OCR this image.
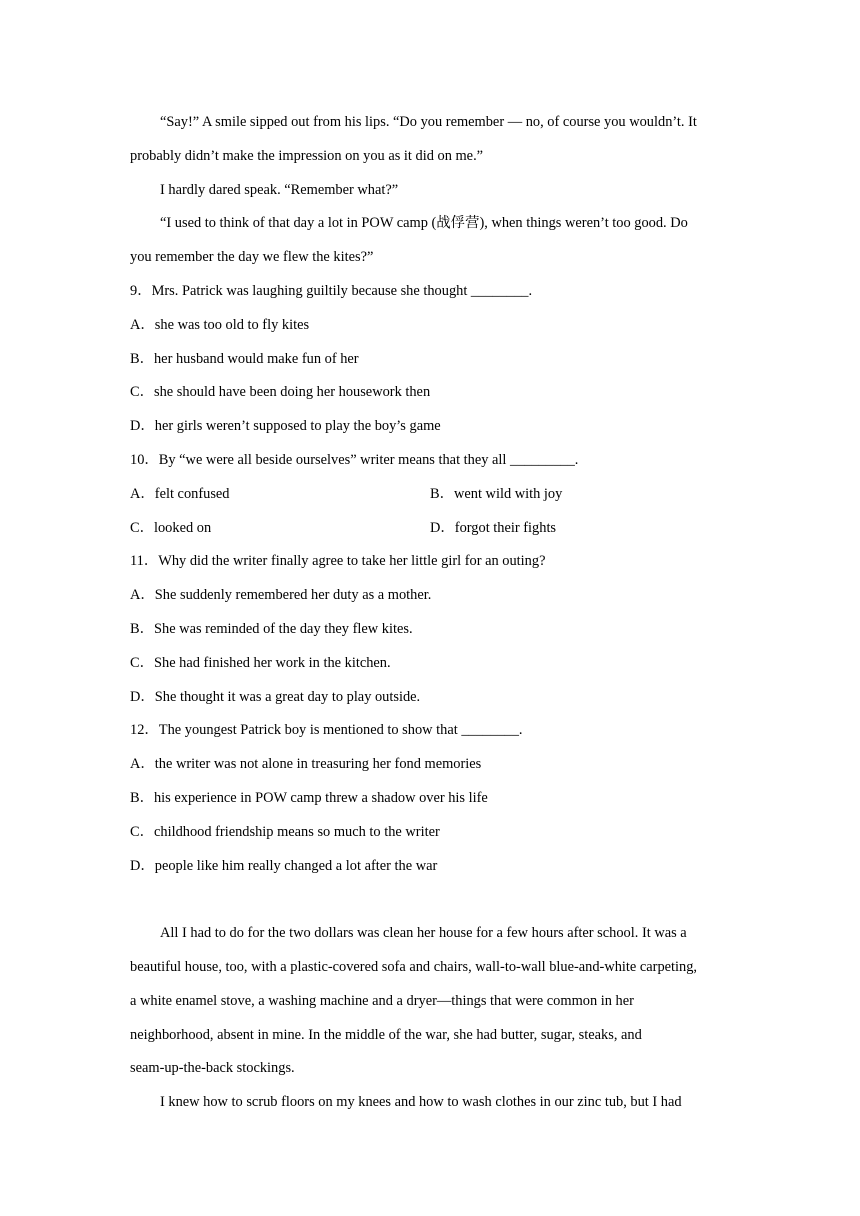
“Say!” A smile sipped out from his lips. “Do you remember — no, of course you wouldn’t. It
probably didn’t make the impression on you as it did on me.”
I hardly dared speak. “Remember what?”
“I used to think of that day a lot in POW camp (战俘营), when things weren’t too good. Do
you remember the day we flew the kites?”
9．Mrs. Patrick was laughing guiltily because she thought ________.
A．she was too old to fly kites
B．her husband would make fun of her
C．she should have been doing her housework then
D．her girls weren’t supposed to play the boy’s game
10．By “we were all beside ourselves” writer means that they all _________.
A．felt confused	B．went wild with joy
C．looked on	D．forgot their fights
11．Why did the writer finally agree to take her little girl for an outing?
A．She suddenly remembered her duty as a mother.
B．She was reminded of the day they flew kites.
C．She had finished her work in the kitchen.
D．She thought it was a great day to play outside.
12．The youngest Patrick boy is mentioned to show that ________.
A．the writer was not alone in treasuring her fond memories
B．his experience in POW camp threw a shadow over his life
C．childhood friendship means so much to the writer
D．people like him really changed a lot after the war
All I had to do for the two dollars was clean her house for a few hours after school. It was a
beautiful house, too, with a plastic-covered sofa and chairs, wall-to-wall blue-and-white carpeting,
a white enamel stove, a washing machine and a dryer—things that were common in her
neighborhood, absent in mine. In the middle of the war, she had butter, sugar, steaks, and
seam-up-the-back stockings.
I knew how to scrub floors on my knees and how to wash clothes in our zinc tub, but I had
